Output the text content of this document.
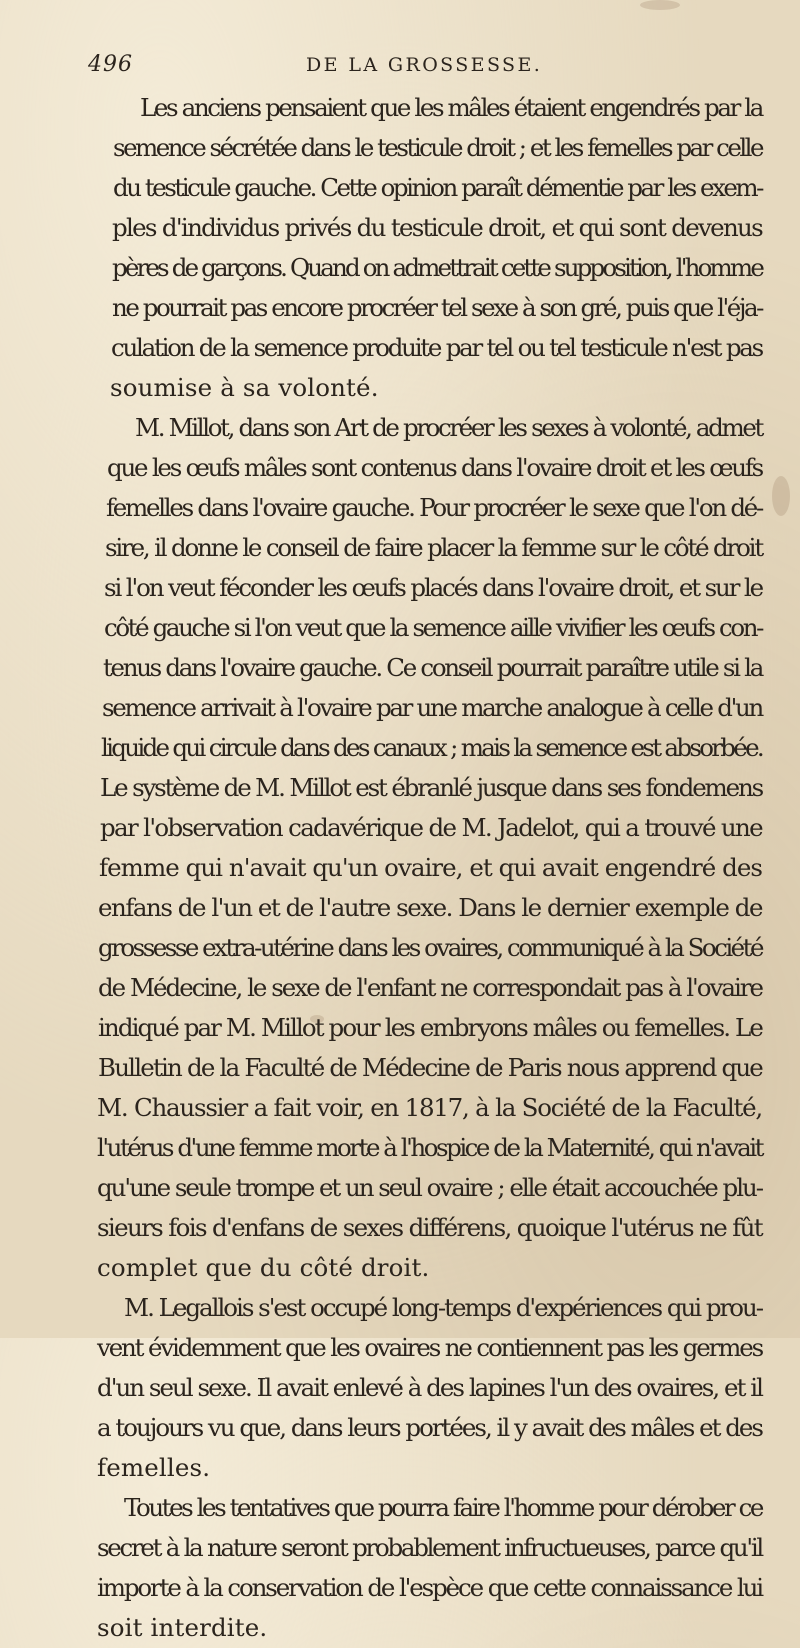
496	DE LA GROSSESSE.
Les anciens pensaient que les mâles étaient engendrés par la
semence sécrétée dans le testicule droit ; et les femelles par celle
du testicule gauche. Cette opinion paraît démentie par les exem-
ples d'individus privés du testicule droit, et qui sont devenus
pères de garçons. Quand on admettrait cette supposition, l'homme
ne pourrait pas encore procréer tel sexe à son gré, puis que l'éja-
culation de la semence produite par tel ou tel testicule n'est pas
soumise à sa volonté.
M. Millot, dans son Art de procréer les sexes à volonté, admet
que les œufs mâles sont contenus dans l'ovaire droit et les œufs
femelles dans l'ovaire gauche. Pour procréer le sexe que l'on dé-
sire, il donne le conseil de faire placer la femme sur le côté droit
si l'on veut féconder les œufs placés dans l'ovaire droit, et sur le
côté gauche si l'on veut que la semence aille vivifier les œufs con-
tenus dans l'ovaire gauche. Ce conseil pourrait paraître utile si la
semence arrivait à l'ovaire par une marche analogue à celle d'un
liquide qui circule dans des canaux ; mais la semence est absorbée.
Le système de M. Millot est ébranlé jusque dans ses fondemens
par l'observation cadavérique de M. Jadelot, qui a trouvé une
femme qui n'avait qu'un ovaire, et qui avait engendré des
enfans de l'un et de l'autre sexe. Dans le dernier exemple de
grossesse extra-utérine dans les ovaires, communiqué à la Société
de Médecine, le sexe de l'enfant ne correspondait pas à l'ovaire
indiqué par M. Millot pour les embryons mâles ou femelles. Le
Bulletin de la Faculté de Médecine de Paris nous apprend que
M. Chaussier a fait voir, en 1817, à la Société de la Faculté,
l'utérus d'une femme morte à l'hospice de la Maternité, qui n'avait
qu'une seule trompe et un seul ovaire ; elle était accouchée plu-
sieurs fois d'enfans de sexes différens, quoique l'utérus ne fût
complet que du côté droit.
M. Legallois s'est occupé long-temps d'expériences qui prou-
vent évidemment que les ovaires ne contiennent pas les germes
d'un seul sexe. Il avait enlevé à des lapines l'un des ovaires, et il
a toujours vu que, dans leurs portées, il y avait des mâles et des
femelles.
Toutes les tentatives que pourra faire l'homme pour dérober ce
secret à la nature seront probablement infructueuses, parce qu'il
importe à la conservation de l'espèce que cette connaissance lui
soit interdite.
